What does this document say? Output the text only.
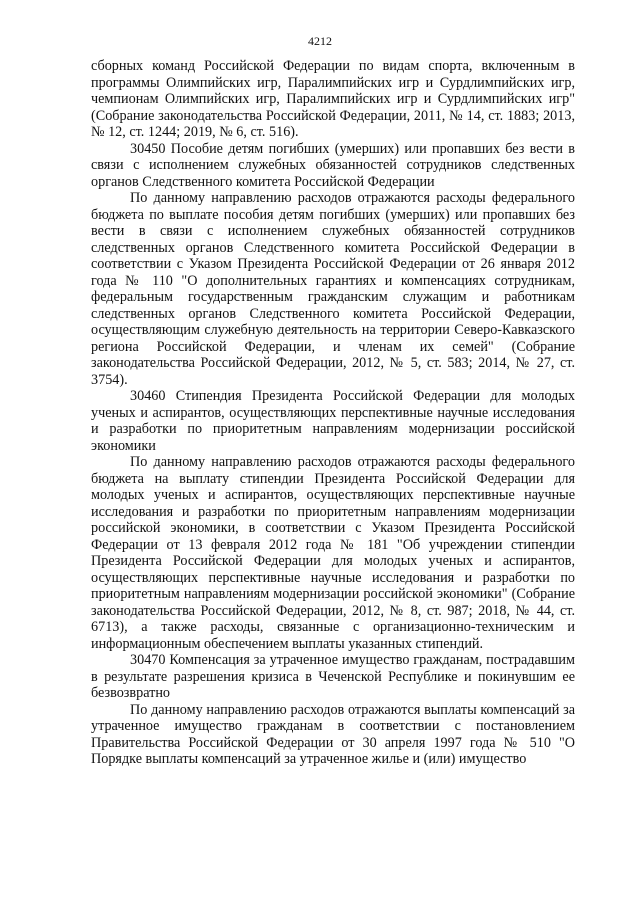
4212

сборных команд Российской Федерации по видам спорта, включенным в программы Олимпийских игр, Паралимпийских игр и Сурдлимпийских игр, чемпионам Олимпийских игр, Паралимпийских игр и Сурдлимпийских игр" (Собрание законодательства Российской Федерации, 2011, № 14, ст. 1883; 2013, № 12, ст. 1244; 2019, № 6, ст. 516).

30450 Пособие детям погибших (умерших) или пропавших без вести в связи с исполнением служебных обязанностей сотрудников следственных органов Следственного комитета Российской Федерации

По данному направлению расходов отражаются расходы федерального бюджета по выплате пособия детям погибших (умерших) или пропавших без вести в связи с исполнением служебных обязанностей сотрудников следственных органов Следственного комитета Российской Федерации в соответствии с Указом Президента Российской Федерации от 26 января 2012 года № 110 "О дополнительных гарантиях и компенсациях сотрудникам, федеральным государственным гражданским служащим и работникам следственных органов Следственного комитета Российской Федерации, осуществляющим служебную деятельность на территории Северо-Кавказского региона Российской Федерации, и членам их семей" (Собрание законодательства Российской Федерации, 2012, № 5, ст. 583; 2014, № 27, ст. 3754).

30460 Стипендия Президента Российской Федерации для молодых ученых и аспирантов, осуществляющих перспективные научные исследования и разработки по приоритетным направлениям модернизации российской экономики

По данному направлению расходов отражаются расходы федерального бюджета на выплату стипендии Президента Российской Федерации для молодых ученых и аспирантов, осуществляющих перспективные научные исследования и разработки по приоритетным направлениям модернизации российской экономики, в соответствии с Указом Президента Российской Федерации от 13 февраля 2012 года № 181 "Об учреждении стипендии Президента Российской Федерации для молодых ученых и аспирантов, осуществляющих перспективные научные исследования и разработки по приоритетным направлениям модернизации российской экономики" (Собрание законодательства Российской Федерации, 2012, № 8, ст. 987; 2018, № 44, ст. 6713), а также расходы, связанные с организационно-техническим и информационным обеспечением выплаты указанных стипендий.

30470 Компенсация за утраченное имущество гражданам, пострадавшим в результате разрешения кризиса в Чеченской Республике и покинувшим ее безвозвратно

По данному направлению расходов отражаются выплаты компенсаций за утраченное имущество гражданам в соответствии с постановлением Правительства Российской Федерации от 30 апреля 1997 года № 510 "О Порядке выплаты компенсаций за утраченное жилье и (или) имущество
